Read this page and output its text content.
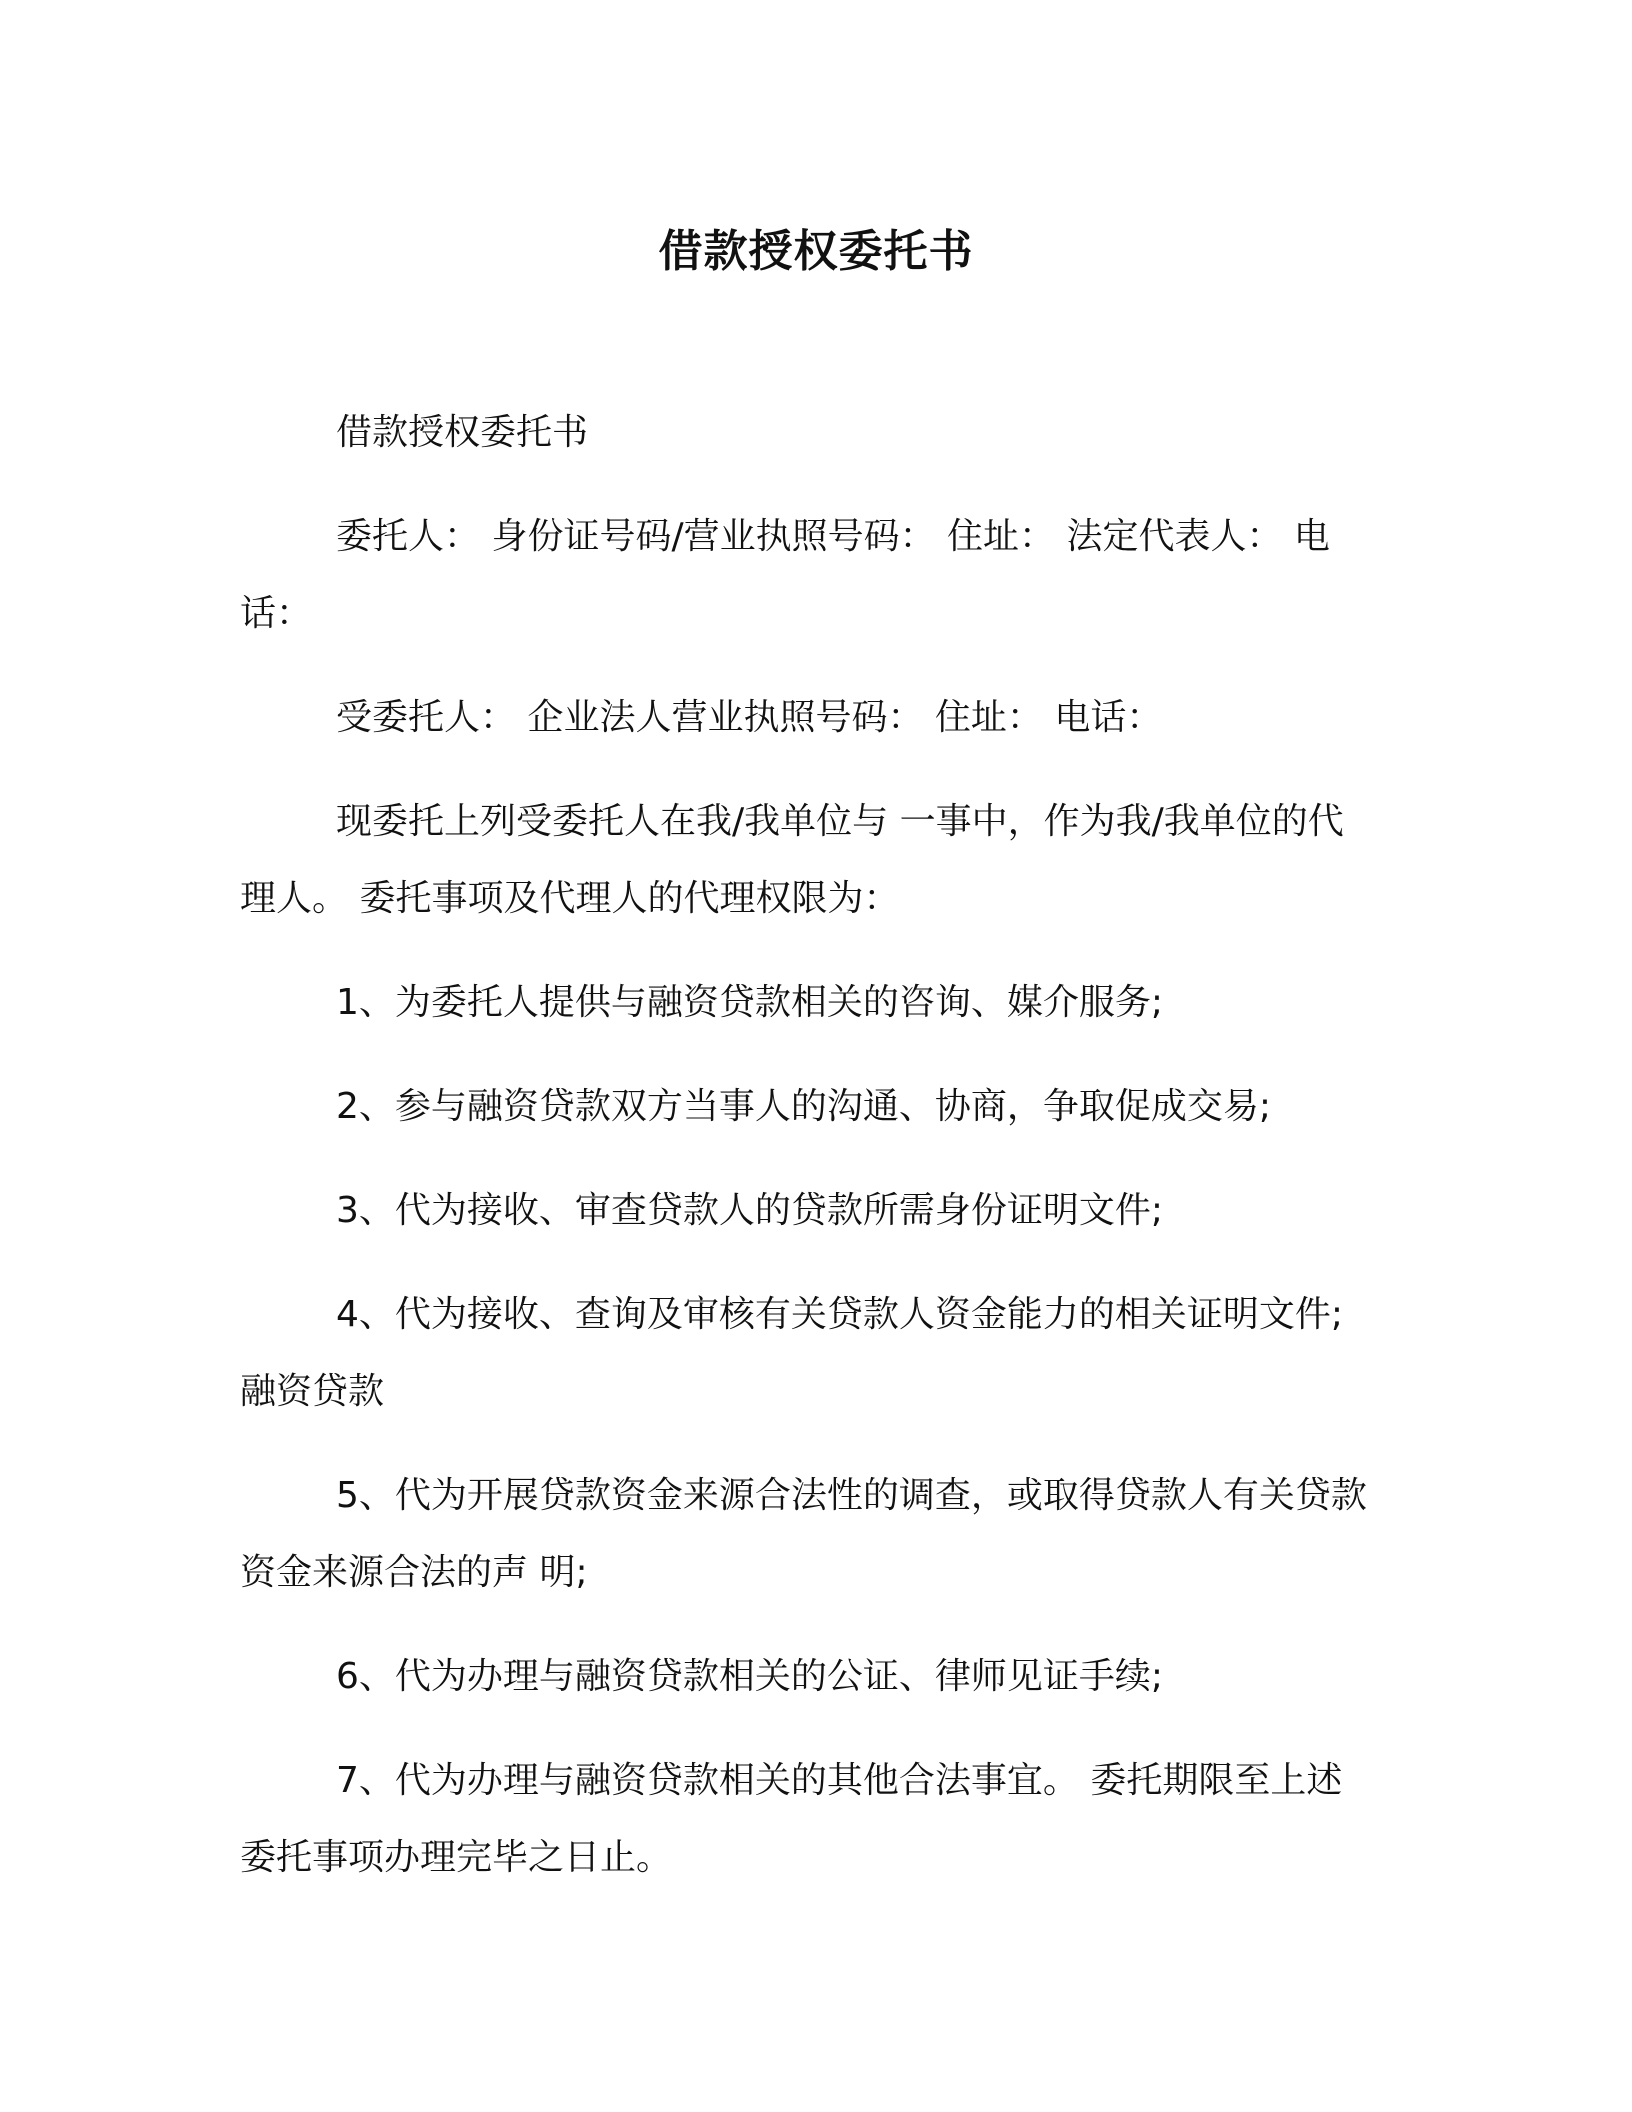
借款授权委托书

借款授权委托书

委托人： 身份证号码/营业执照号码： 住址： 法定代表人： 电话：

受委托人： 企业法人营业执照号码： 住址： 电话：

现委托上列受委托人在我/我单位与 一事中，作为我/我单位的代理人。 委托事项及代理人的代理权限为：

1、为委托人提供与融资贷款相关的咨询、媒介服务;

2、参与融资贷款双方当事人的沟通、协商，争取促成交易;

3、代为接收、审查贷款人的贷款所需身份证明文件;

4、代为接收、查询及审核有关贷款人资金能力的相关证明文件; 融资贷款

5、代为开展贷款资金来源合法性的调查，或取得贷款人有关贷款资金来源合法的声 明;

6、代为办理与融资贷款相关的公证、律师见证手续;

7、代为办理与融资贷款相关的其他合法事宜。 委托期限至上述委托事项办理完毕之日止。
